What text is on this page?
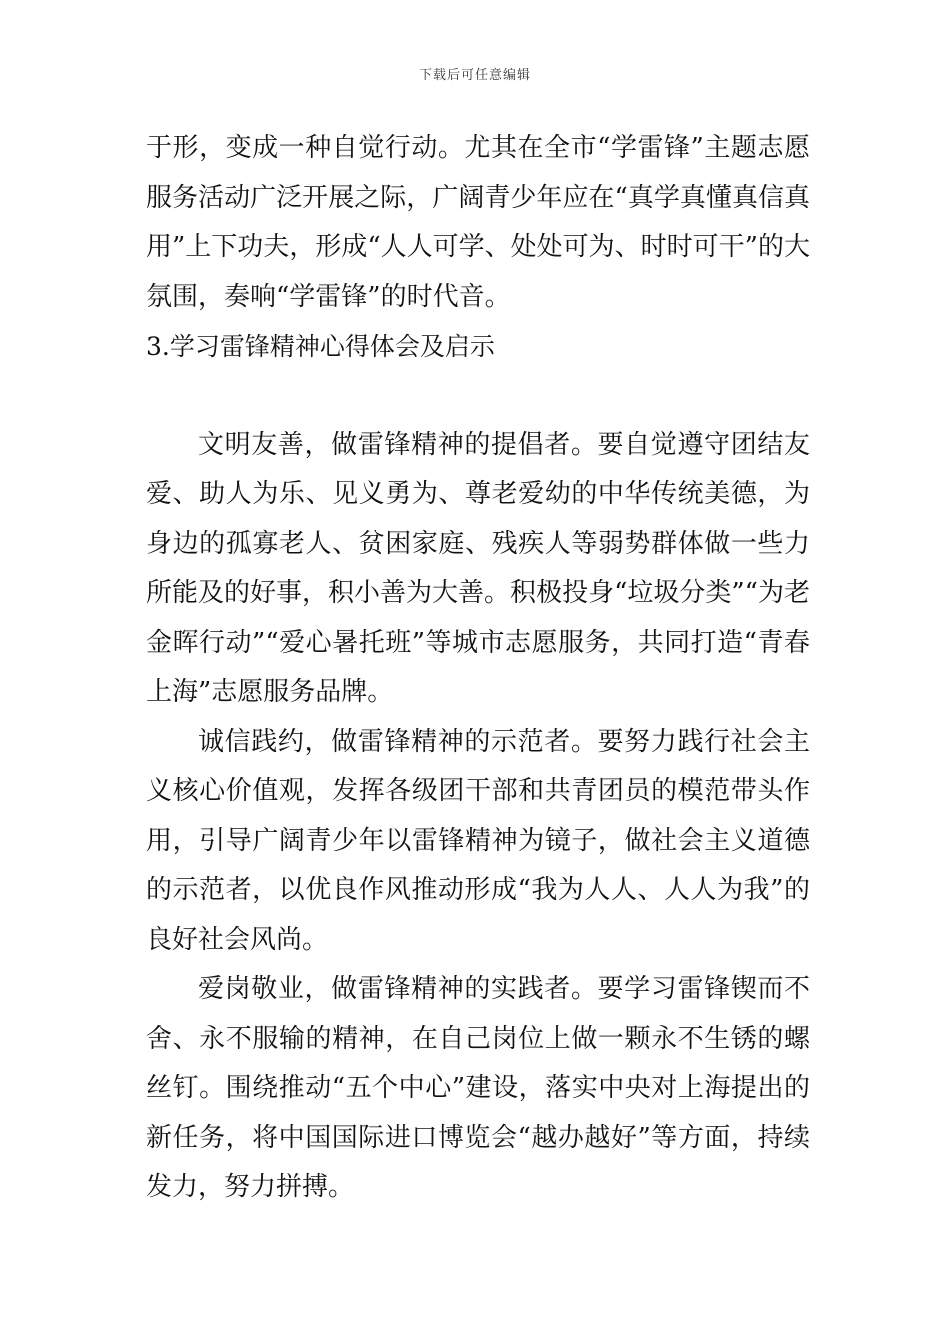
下载后可任意编辑

于形，变成一种自觉行动。尤其在全市“学雷锋”主题志愿服务活动广泛开展之际，广阔青少年应在“真学真懂真信真用”上下功夫，形成“人人可学、处处可为、时时可干”的大氛围，奏响“学雷锋”的时代音。

3.学习雷锋精神心得体会及启示

文明友善，做雷锋精神的提倡者。要自觉遵守团结友爱、助人为乐、见义勇为、尊老爱幼的中华传统美德，为身边的孤寡老人、贫困家庭、残疾人等弱势群体做一些力所能及的好事，积小善为大善。积极投身“垃圾分类”“为老金晖行动”“爱心暑托班”等城市志愿服务，共同打造“青春上海”志愿服务品牌。

诚信践约，做雷锋精神的示范者。要努力践行社会主义核心价值观，发挥各级团干部和共青团员的模范带头作用，引导广阔青少年以雷锋精神为镜子，做社会主义道德的示范者，以优良作风推动形成“我为人人、人人为我”的良好社会风尚。

爱岗敬业，做雷锋精神的实践者。要学习雷锋锲而不舍、永不服输的精神，在自己岗位上做一颗永不生锈的螺丝钉。围绕推动“五个中心”建设，落实中央对上海提出的新任务，将中国国际进口博览会“越办越好”等方面，持续发力，努力拼搏。
